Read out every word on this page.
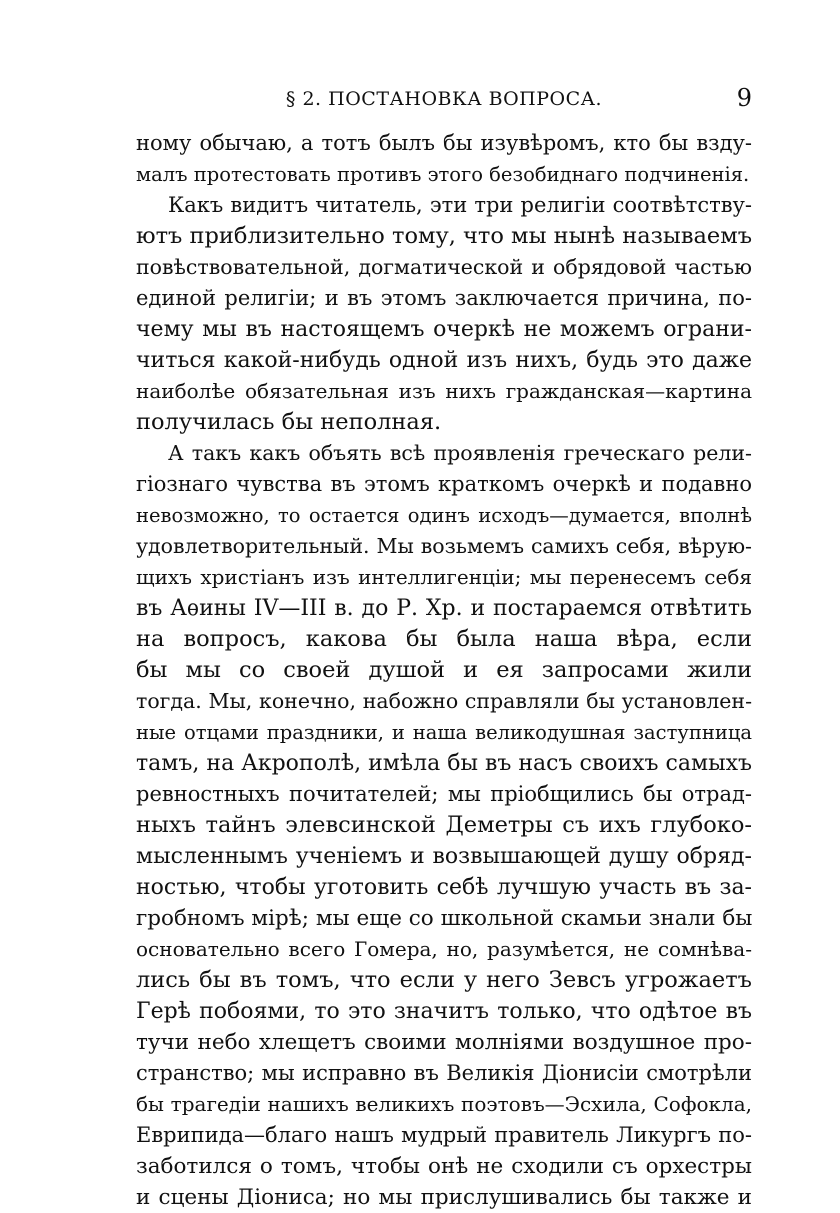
§ 2. ПОСТАНОВКА ВОПРОСА.	9
ному обычаю, а тотъ былъ бы изувѣромъ, кто бы взду-
малъ протестовать противъ этого безобиднаго подчиненія.
Какъ видитъ читатель, эти три религіи соотвѣтству-
ютъ приблизительно тому, что мы нынѣ называемъ
повѣствовательной, догматической и обрядовой частью
единой религіи; и въ этомъ заключается причина, по-
чему мы въ настоящемъ очеркѣ не можемъ ограни-
читься какой-нибудь одной изъ нихъ, будь это даже
наиболѣе обязательная изъ нихъ гражданская—картина
получилась бы неполная.
А такъ какъ объять всѣ проявленія греческаго рели-
гіознаго чувства въ этомъ краткомъ очеркѣ и подавно
невозможно, то остается одинъ исходъ—думается, вполнѣ
удовлетворительный. Мы возьмемъ самихъ себя, вѣрую-
щихъ христіанъ изъ интеллигенціи; мы перенесемъ себя
въ Аѳины IV—III в. до Р. Хр. и постараемся отвѣтить
на вопросъ, какова бы была наша вѣра, если
бы мы со своей душой и ея запросами жили
тогда. Мы, конечно, набожно справляли бы установлен-
ные отцами праздники, и наша великодушная заступница
тамъ, на Акрополѣ, имѣла бы въ насъ своихъ самыхъ
ревностныхъ почитателей; мы пріобщились бы отрад-
ныхъ тайнъ элевсинской Деметры съ ихъ глубоко-
мысленнымъ ученіемъ и возвышающей душу обряд-
ностью, чтобы уготовить себѣ лучшую участь въ за-
гробномъ мірѣ; мы еще со школьной скамьи знали бы
основательно всего Гомера, но, разумѣется, не сомнѣва-
лись бы въ томъ, что если у него Зевсъ угрожаетъ
Герѣ побоями, то это значитъ только, что одѣтое въ
тучи небо хлещетъ своими молніями воздушное про-
странство; мы исправно въ Великія Діонисіи смотрѣли
бы трагедіи нашихъ великихъ поэтовъ—Эсхила, Софокла,
Еврипида—благо нашъ мудрый правитель Ликургъ по-
заботился о томъ, чтобы онѣ не сходили съ орхестры
и сцены Діониса; но мы прислушивались бы также и
